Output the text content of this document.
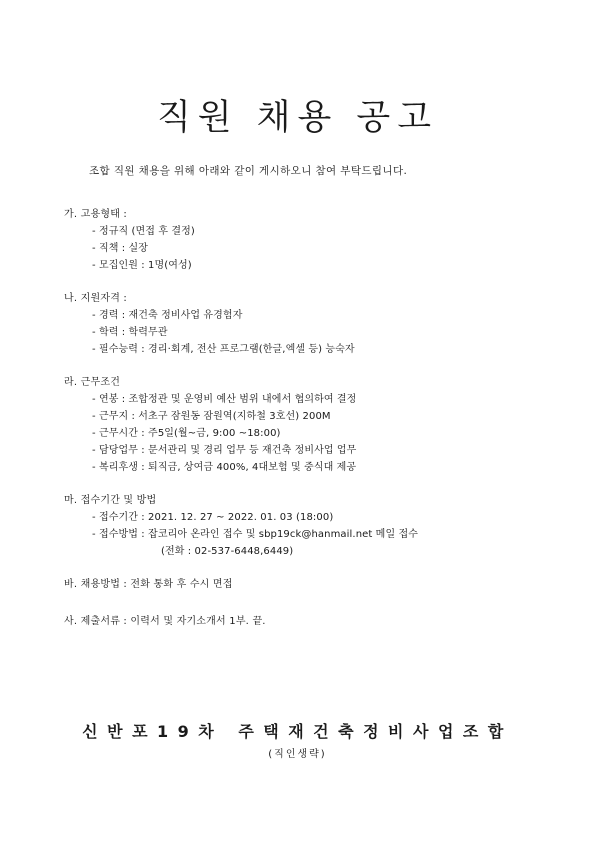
직원 채용 공고
조합 직원 채용을 위해 아래와 같이 게시하오니 참여 부탁드립니다.
가. 고용형태 :
- 정규직 (면접 후 결정)
- 직책 : 실장
- 모집인원 : 1명(여성)
나. 지원자격 :
- 경력 : 재건축 정비사업 유경험자
- 학력 : 학력무관
- 필수능력 : 경리·회계, 전산 프로그램(한글,엑셀 등) 능숙자
라. 근무조건
- 연봉 : 조합정관 및 운영비 예산 범위 내에서 협의하여 결정
- 근무지 : 서초구 잠원동 잠원역(지하철 3호선) 200M
- 근무시간 : 주5일(월~금, 9:00 ~18:00)
- 담당업무 : 문서관리 및 경리 업무 등 재건축 정비사업 업무
- 복리후생 : 퇴직금, 상여금 400%, 4대보험 및 중식대 제공
마. 접수기간 및 방법
- 접수기간 : 2021. 12. 27 ~ 2022. 01. 03 (18:00)
- 접수방법 : 잡코리아 온라인 접수 및 sbp19ck@hanmail.net 메일 접수
(전화 : 02-537-6448,6449)
바. 채용방법 : 전화 통화 후 수시 면접
사. 제출서류 : 이력서 및 자기소개서 1부. 끝.
신반포19차 주택재건축정비사업조합
(직인생략)
